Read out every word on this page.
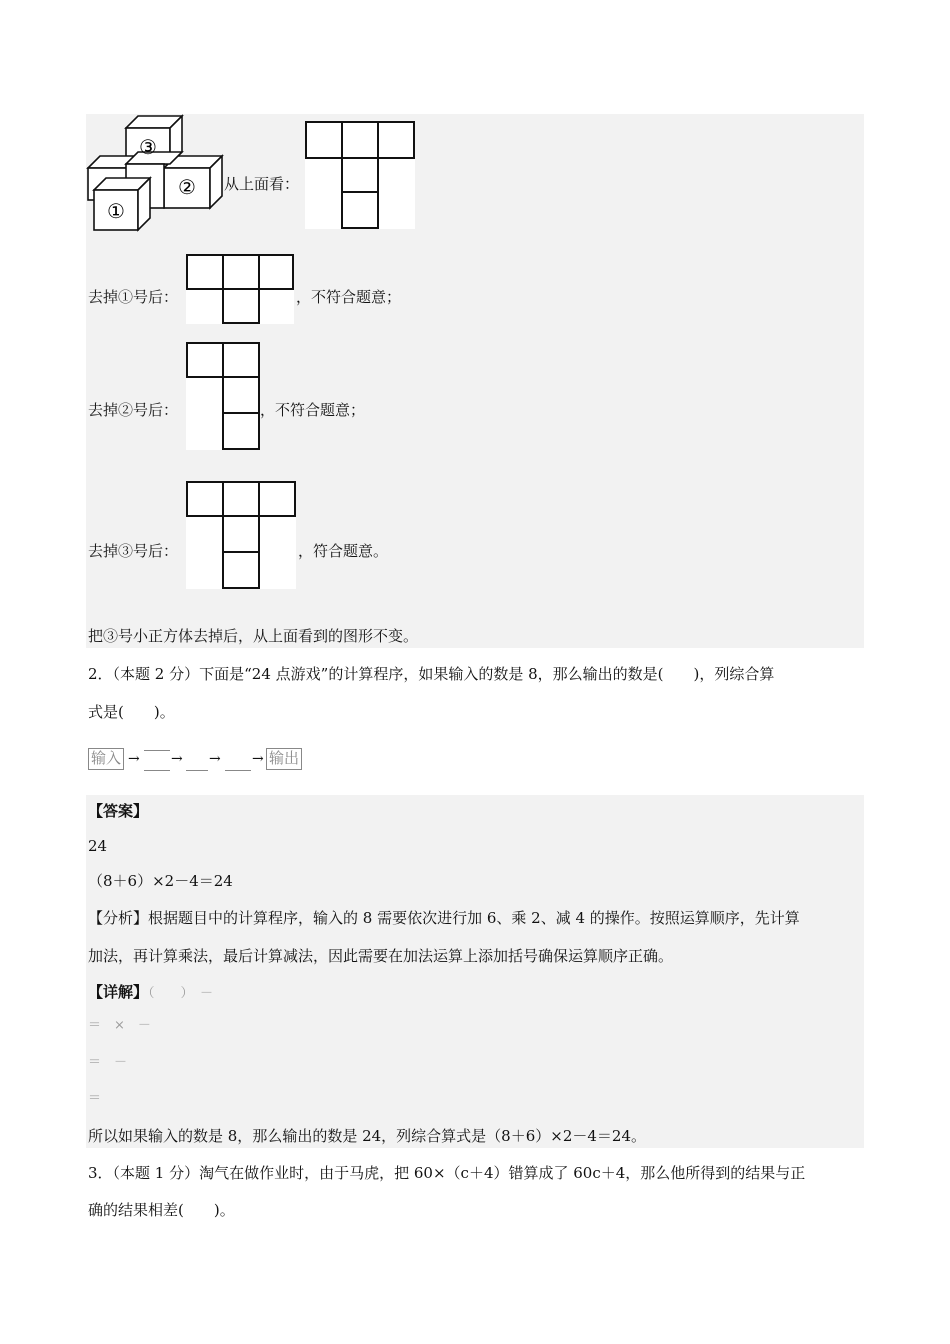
③
②
①
从上面看：
去掉①号后：	，不符合题意；
去掉②号后：	，不符合题意；
去掉③号后：	，符合题意。
把③号小正方体去掉后，从上面看到的图形不变。
2．（本题 2 分）下面是“24 点游戏”的计算程序，如果输入的数是 8，那么输出的数是(　　)，列综合算
式是(　　)。
输入 → → → → 输出
【答案】
24
（8＋6）×2－4＝24
【分析】根据题目中的计算程序，输入的 8 需要依次进行加 6、乘 2、减 4 的操作。按照运算顺序，先计算
加法，再计算乘法，最后计算减法，因此需要在加法运算上添加括号确保运算顺序正确。
【详解】（　　）　－
＝　×　－
＝　－
＝
所以如果输入的数是 8，那么输出的数是 24，列综合算式是（8＋6）×2－4＝24。
3．（本题 1 分）淘气在做作业时，由于马虎，把 60×（c＋4）错算成了 60c＋4，那么他所得到的结果与正
确的结果相差(　　)。
